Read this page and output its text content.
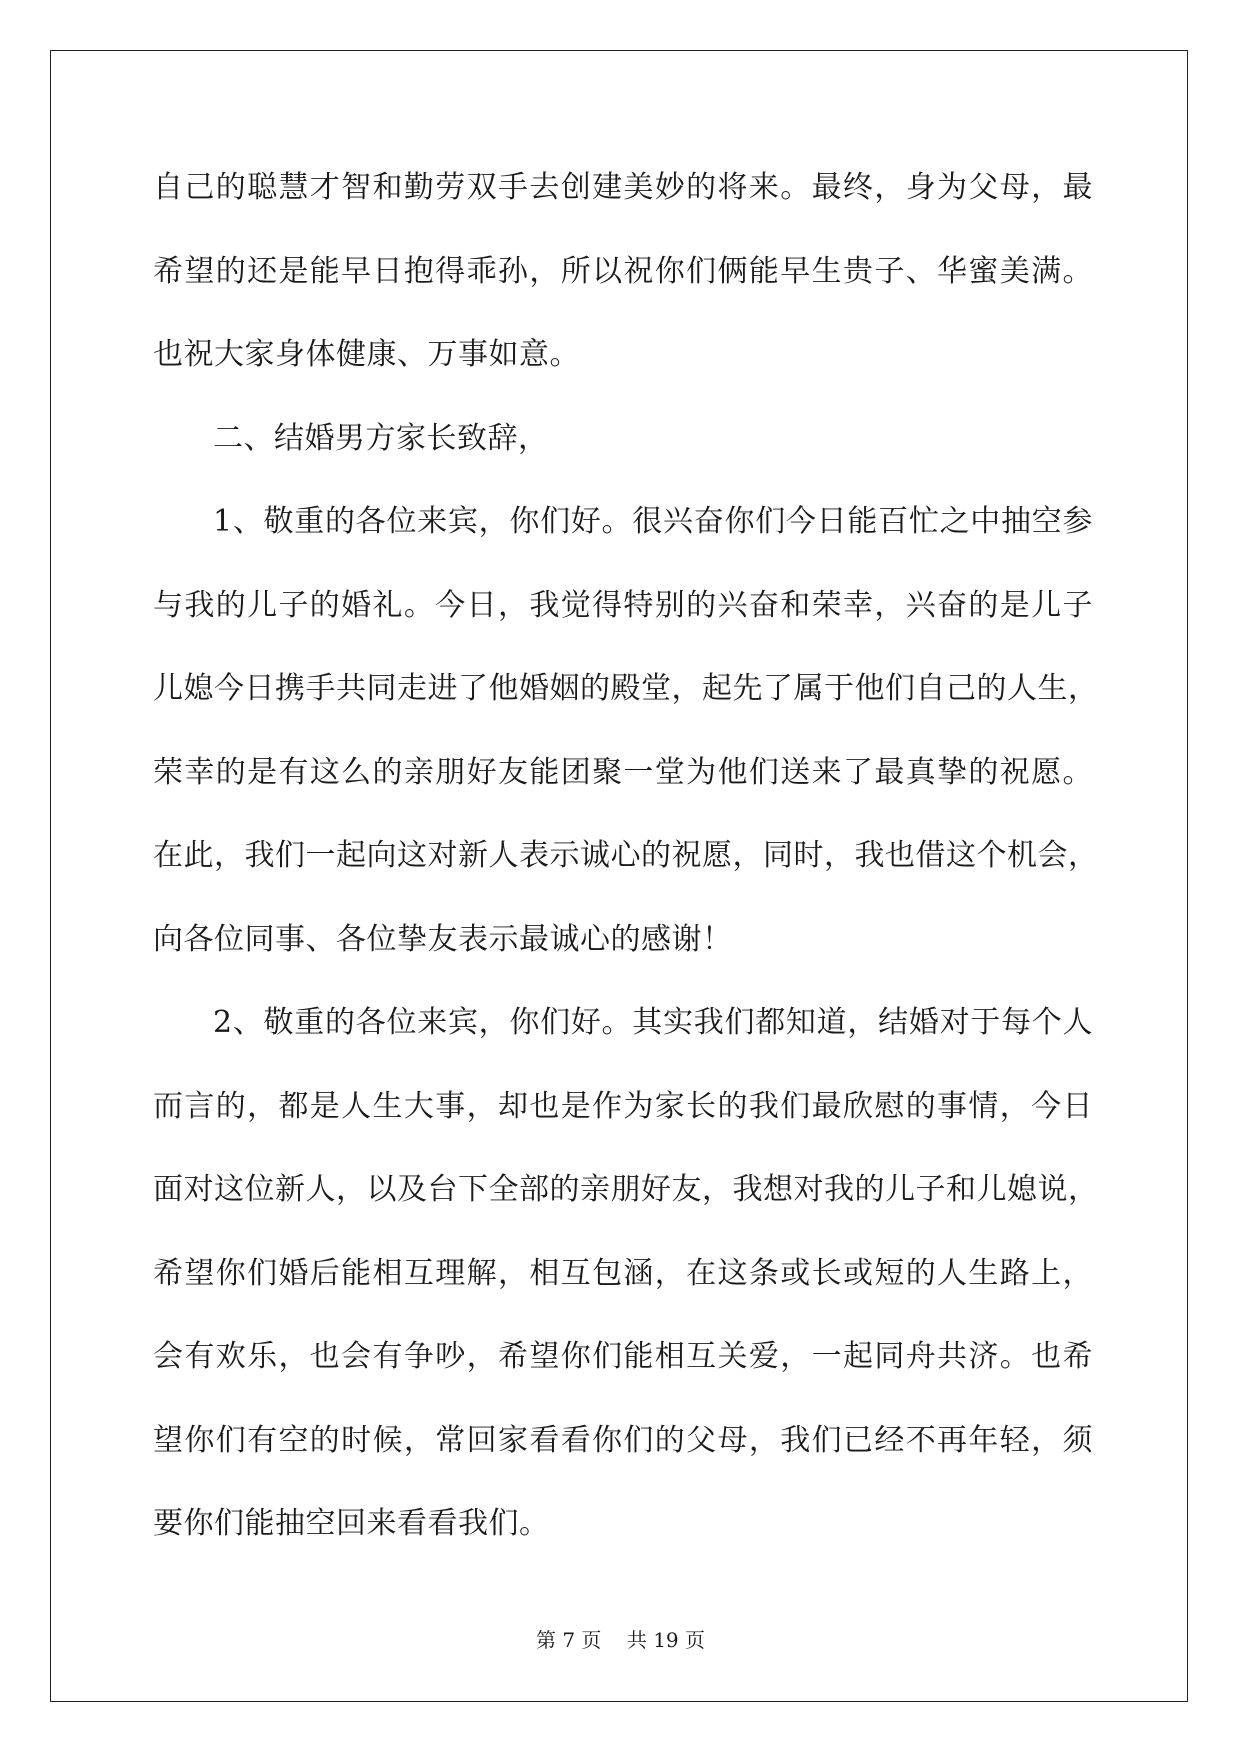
自己的聪慧才智和勤劳双手去创建美妙的将来。最终，身为父母，最
希望的还是能早日抱得乖孙，所以祝你们俩能早生贵子、华蜜美满。
也祝大家身体健康、万事如意。
二、结婚男方家长致辞，
1、敬重的各位来宾，你们好。很兴奋你们今日能百忙之中抽空参
与我的儿子的婚礼。今日，我觉得特别的兴奋和荣幸，兴奋的是儿子
儿媳今日携手共同走进了他婚姻的殿堂，起先了属于他们自己的人生，
荣幸的是有这么的亲朋好友能团聚一堂为他们送来了最真挚的祝愿。
在此，我们一起向这对新人表示诚心的祝愿，同时，我也借这个机会，
向各位同事、各位挚友表示最诚心的感谢！
2、敬重的各位来宾，你们好。其实我们都知道，结婚对于每个人
而言的，都是人生大事，却也是作为家长的我们最欣慰的事情，今日
面对这位新人，以及台下全部的亲朋好友，我想对我的儿子和儿媳说，
希望你们婚后能相互理解，相互包涵，在这条或长或短的人生路上，
会有欢乐，也会有争吵，希望你们能相互关爱，一起同舟共济。也希
望你们有空的时候，常回家看看你们的父母，我们已经不再年轻，须
要你们能抽空回来看看我们。
第 7 页    共 19 页
